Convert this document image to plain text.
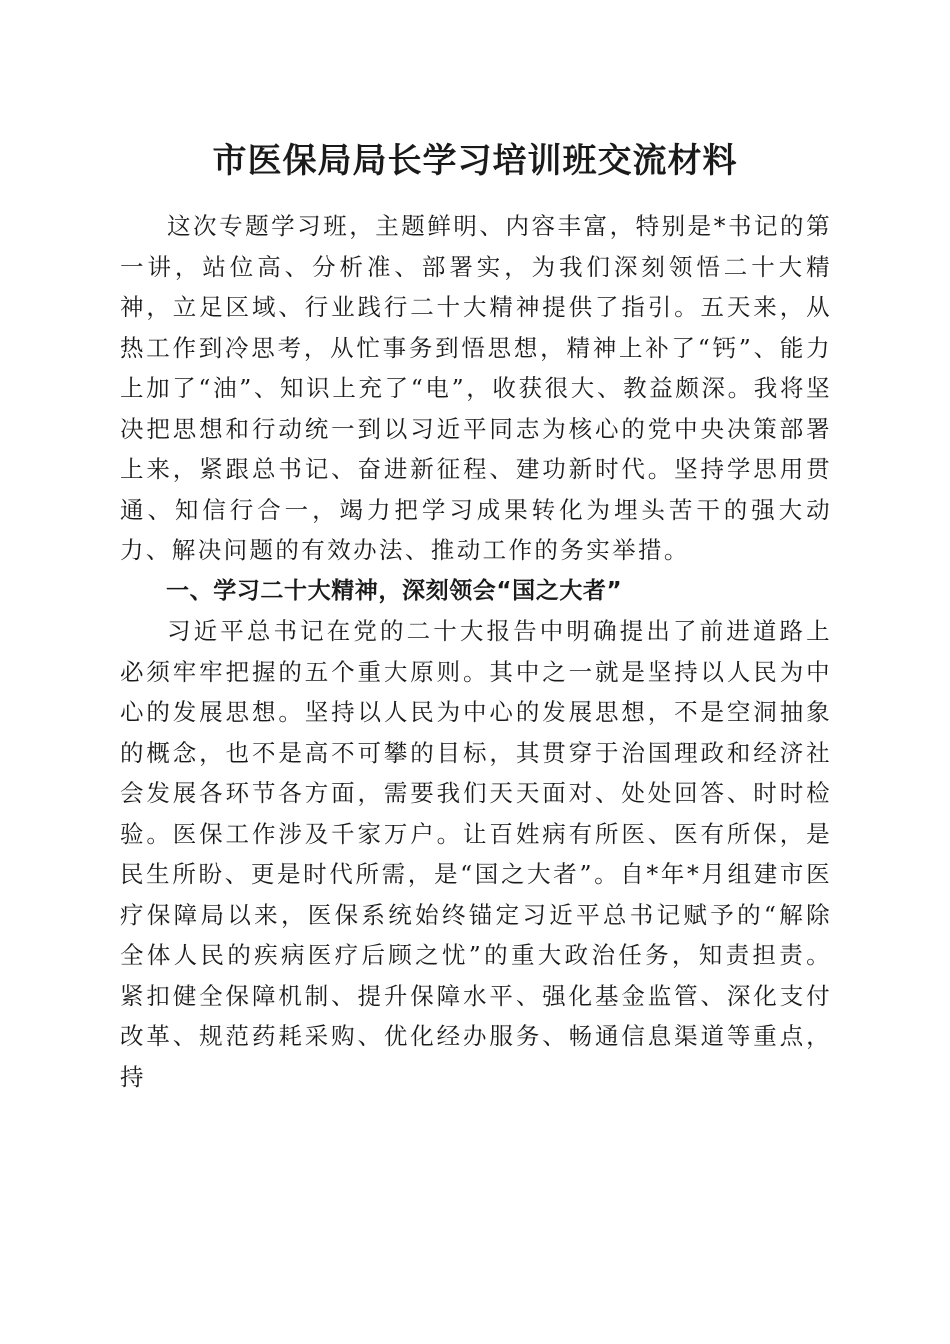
市医保局局长学习培训班交流材料

这次专题学习班，主题鲜明、内容丰富，特别是*书记的第一讲，站位高、分析准、部署实，为我们深刻领悟二十大精神，立足区域、行业践行二十大精神提供了指引。五天来，从热工作到冷思考，从忙事务到悟思想，精神上补了“钙”、能力上加了“油”、知识上充了“电”，收获很大、教益颇深。我将坚决把思想和行动统一到以习近平同志为核心的党中央决策部署上来，紧跟总书记、奋进新征程、建功新时代。坚持学思用贯通、知信行合一，竭力把学习成果转化为埋头苦干的强大动力、解决问题的有效办法、推动工作的务实举措。

一、学习二十大精神，深刻领会“国之大者”

习近平总书记在党的二十大报告中明确提出了前进道路上必须牢牢把握的五个重大原则。其中之一就是坚持以人民为中心的发展思想。坚持以人民为中心的发展思想，不是空洞抽象的概念，也不是高不可攀的目标，其贯穿于治国理政和经济社会发展各环节各方面，需要我们天天面对、处处回答、时时检验。医保工作涉及千家万户。让百姓病有所医、医有所保，是民生所盼、更是时代所需，是“国之大者”。自*年*月组建市医疗保障局以来，医保系统始终锚定习近平总书记赋予的“解除全体人民的疾病医疗后顾之忧”的重大政治任务，知责担责。紧扣健全保障机制、提升保障水平、强化基金监管、深化支付改革、规范药耗采购、优化经办服务、畅通信息渠道等重点，持
